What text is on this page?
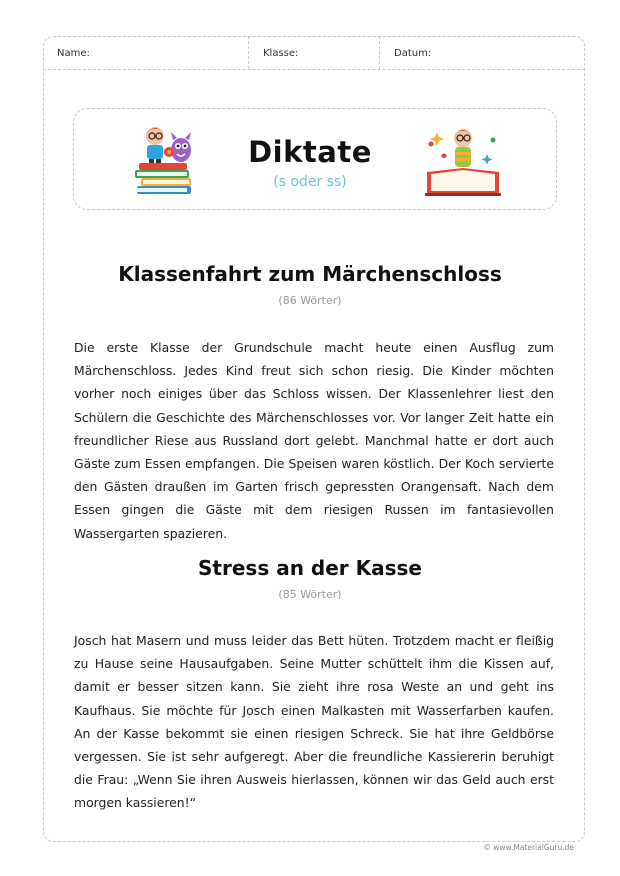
Name:	Klasse:	Datum:
Diktate
(s oder ss)
Klassenfahrt zum Märchenschloss
(86 Wörter)

Die erste Klasse der Grundschule macht heute einen Ausflug zum Märchenschloss. Jedes Kind freut sich schon riesig. Die Kinder möchten vorher noch einiges über das Schloss wissen. Der Klassenlehrer liest den Schülern die Geschichte des Märchenschlosses vor. Vor langer Zeit hatte ein freundlicher Riese aus Russland dort gelebt. Manchmal hatte er dort auch Gäste zum Essen empfangen. Die Speisen waren köstlich. Der Koch servierte den Gästen draußen im Garten frisch gepressten Orangensaft. Nach dem Essen gingen die Gäste mit dem riesigen Russen im fantasievollen Wassergarten spazieren.

Stress an der Kasse
(85 Wörter)

Josch hat Masern und muss leider das Bett hüten. Trotzdem macht er fleißig zu Hause seine Hausaufgaben. Seine Mutter schüttelt ihm die Kissen auf, damit er besser sitzen kann. Sie zieht ihre rosa Weste an und geht ins Kaufhaus. Sie möchte für Josch einen Malkasten mit Wasserfarben kaufen. An der Kasse bekommt sie einen riesigen Schreck. Sie hat ihre Geldbörse vergessen. Sie ist sehr aufgeregt. Aber die freundliche Kassiererin beruhigt die Frau: „Wenn Sie ihren Ausweis hierlassen, können wir das Geld auch erst morgen kassieren!“

© www.MaterialGuru.de
